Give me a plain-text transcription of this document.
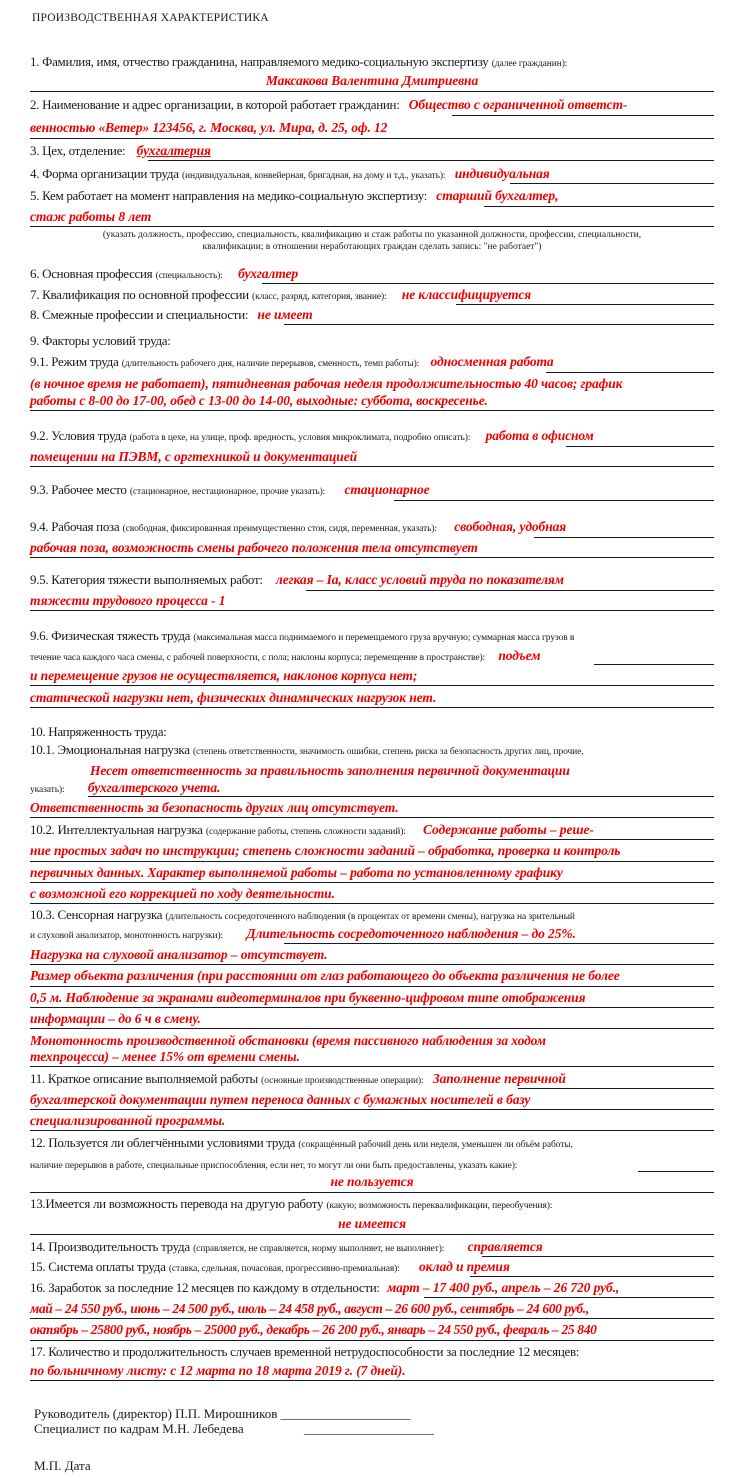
ПРОИЗВОДСТВЕННАЯ ХАРАКТЕРИСТИКА
1. Фамилия, имя, отчество гражданина, направляемого медико-социальную экспертизу (далее гражданин):
Максакова Валентина Дмитриевна
2. Наименование и адрес организации, в которой работает гражданин: Общество с ограниченной ответст-
венностью «Ветер» 123456, г. Москва, ул. Мира, д. 25, оф. 12
3. Цех, отделение: бухгалтерия
4. Форма организации труда (индивидуальная, конвейерная, бригадная, на дому и т.д., указать): индивидуальная
5. Кем работает на момент направления на медико-социальную экспертизу: старший бухгалтер,
стаж работы 8 лет
(указать должность, профессию, специальность, квалификацию и стаж работы по указанной должности, профессии, специальности,
квалификации; в отношении неработающих граждан сделать запись: "не работает")
6. Основная профессия (специальность): бухгалтер
7. Квалификация по основной профессии (класс, разряд, категория, звание): не классифицируется
8. Смежные профессии и специальности: не имеет
9. Факторы условий труда:
9.1. Режим труда (длительность рабочего дня, наличие перерывов, сменность, темп работы): односменная работа
(в ночное время не работает), пятидневная рабочая неделя продолжительностью 40 часов; график
работы с 8-00 до 17-00, обед с 13-00 до 14-00, выходные: суббота, воскресенье.
9.2. Условия труда (работа в цехе, на улице, проф. вредность, условия микроклимата, подробно описать): работа в офисном
помещении на ПЭВМ, с оргтехникой и документацией
9.3. Рабочее место (стационарное, нестационарное, прочие указать): стационарное
9.4. Рабочая поза (свободная, фиксированная преимущественно стоя, сидя, переменная, указать): свободная, удобная
рабочая поза, возможность смены рабочего положения тела отсутствует
9.5. Категория тяжести выполняемых работ: легкая – Iа, класс условий труда по показателям
тяжести трудового процесса - 1
9.6. Физическая тяжесть труда (максимальная масса поднимаемого и перемещаемого груза вручную; суммарная масса грузов в
течение часа каждого часа смены, с рабочей поверхности, с пола; наклоны корпуса; перемещение в пространстве): подъем
и перемещение грузов не осуществляется, наклонов корпуса нет;
статической нагрузки нет, физических динамических нагрузок нет.
10. Напряженность труда:
10.1. Эмоциональная нагрузка (степень ответственности, значимость ошибки, степень риска за безопасность других лиц, прочие,
Несет ответственность за правильность заполнения первичной документации
указать): бухгалтерского учета.
Ответственность за безопасность других лиц отсутствует.
10.2. Интеллектуальная нагрузка (содержание работы, степень сложности заданий): Содержание работы – реше-
ние простых задач по инструкции; степень сложности заданий – обработка, проверка и контроль
первичных данных. Характер выполняемой работы – работа по установленному графику
с возможной его коррекцией по ходу деятельности.
10.3. Сенсорная нагрузка (длительность сосредоточенного наблюдения (в процентах от времени смены), нагрузка на зрительный
и слуховой анализатор, монотонность нагрузки): Длительность сосредоточенного наблюдения – до 25%.
Нагрузка на слуховой анализатор – отсутствует.
Размер объекта различения (при расстоянии от глаз работающего до объекта различения не более
0,5 м. Наблюдение за экранами видеотерминалов при буквенно-цифровом типе отображения
информации – до 6 ч в смену.
Монотонность производственной обстановки (время пассивного наблюдения за ходом
техпроцесса) – менее 15% от времени смены.
11. Краткое описание выполняемой работы (основные производственные операции): Заполнение первичной
бухгалтерской документации путем переноса данных с бумажных носителей в базу
специализированной программы.
12. Пользуется ли облегчёнными условиями труда (сокращённый рабочий день или неделя, уменьшен ли объём работы,
наличие перерывов в работе, специальные приспособления, если нет, то могут ли они быть предоставлены, указать какие):
не пользуется
13.Имеется ли возможность перевода на другую работу (какую; возможность переквалификации, переобучения):
не имеется
14. Производительность труда (справляется, не справляется, норму выполняет, не выполняет): справляется
15. Система оплаты труда (ставка, сдельная, почасовая, прогрессивно-премиальная): оклад и премия
16. Заработок за последние 12 месяцев по каждому в отдельности: март – 17 400 руб., апрель – 26 720 руб.,
май – 24 550 руб., июнь – 24 500 руб., июль – 24 458 руб., август – 26 600 руб., сентябрь – 24 600 руб.,
октябрь – 25800 руб., ноябрь – 25000 руб., декабрь – 26 200 руб., январь – 24 550 руб., февраль – 25 840
17. Количество и продолжительность случаев временной нетрудоспособности за последние 12 месяцев:
по больничному листу: с 12 марта по 18 марта 2019 г. (7 дней).
Руководитель (директор) П.П. Мирошников ____________________
Специалист по кадрам М.Н. Лебедева	____________________
М.П. Дата
